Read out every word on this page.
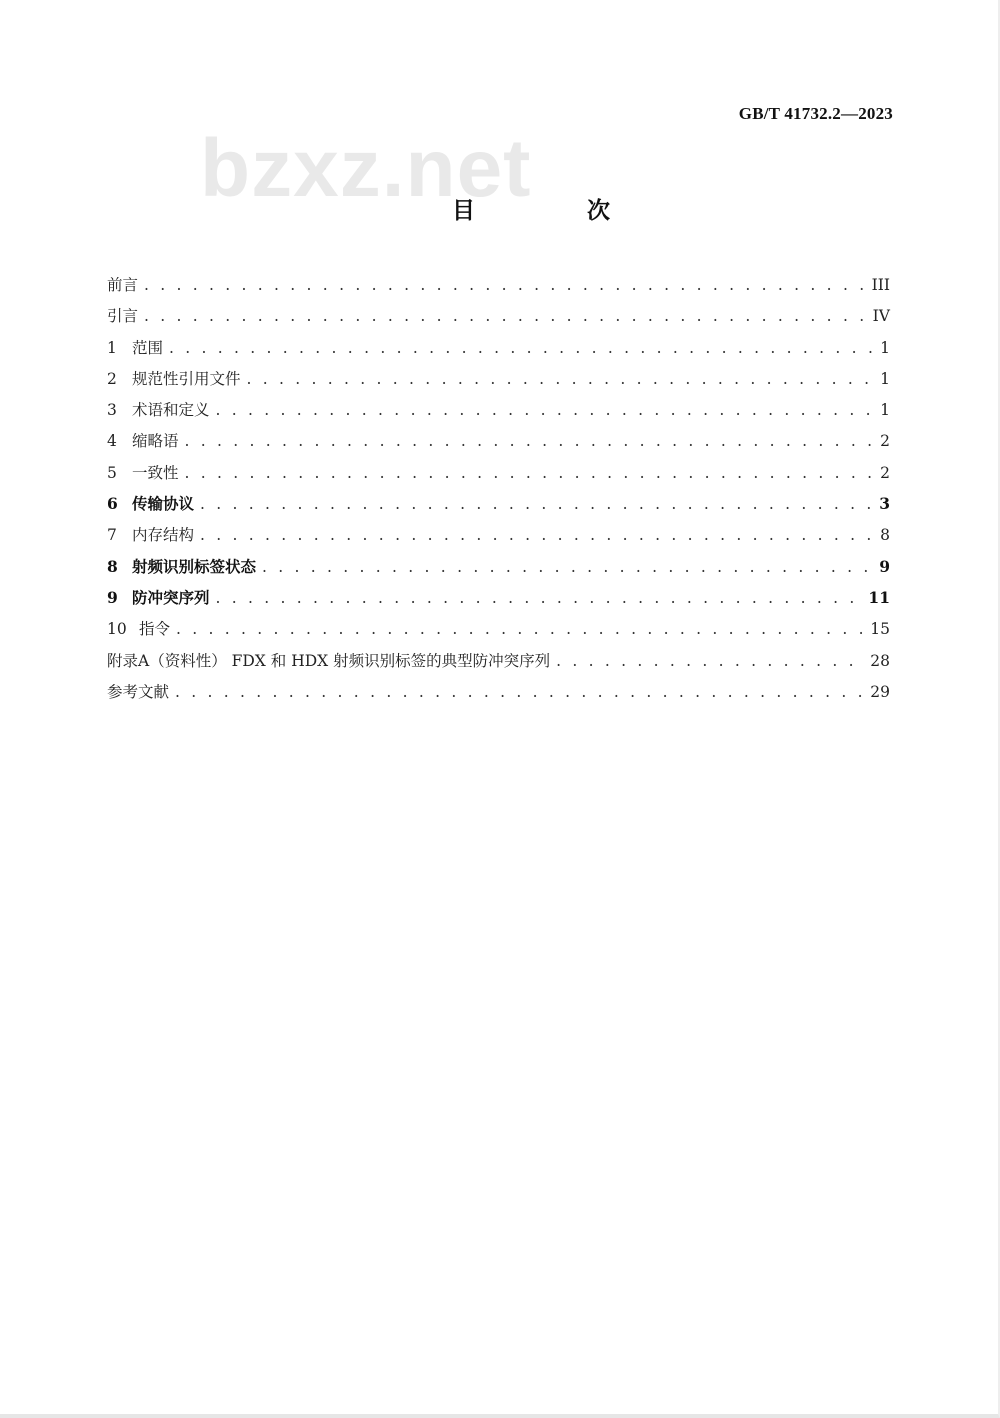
GB/T 41732.2—2023
bzxz.net
目 次
前言 . . .	III
引言 . . .	IV
1 范围 . . .	1
2 规范性引用文件 . . .	1
3 术语和定义 . . .	1
4 缩略语 . . .	2
5 一致性 . . .	2
6 传输协议 . . .	3
7 内存结构 . . .	8
8 射频识别标签状态 . . .	9
9 防冲突序列 . . .	11
10 指令 . . .	15
附录A（资料性） FDX 和 HDX 射频识别标签的典型防冲突序列 . . .	28
参考文献 . . .	29
